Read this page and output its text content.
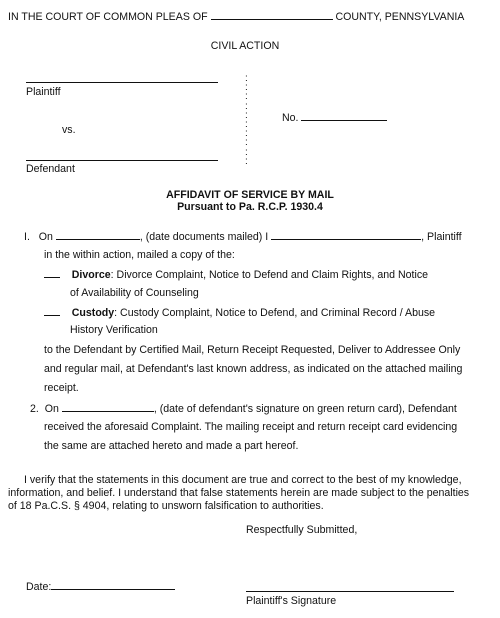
IN THE COURT OF COMMON PLEAS OF	COUNTY, PENNSYLVANIA
CIVIL ACTION
Plaintiff
vs.
Defendant
:
:
:
:
:
:
:
:
:
:
No.
AFFIDAVIT OF SERVICE BY MAIL
Pursuant to Pa. R.C.P. 1930.4
I. On	, (date documents mailed) I	, Plaintiff
in the within action, mailed a copy of the:
Divorce: Divorce Complaint, Notice to Defend and Claim Rights, and Notice
of Availability of Counseling
Custody: Custody Complaint, Notice to Defend, and Criminal Record / Abuse
History Verification
to the Defendant by Certified Mail, Return Receipt Requested, Deliver to Addressee Only
and regular mail, at Defendant's last known address, as indicated on the attached mailing
receipt.
2. On	, (date of defendant's signature on green return card), Defendant
received the aforesaid Complaint. The mailing receipt and return receipt card evidencing
the same are attached hereto and made a part hereof.
I verify that the statements in this document are true and correct to the best of my knowledge,
information, and belief. I understand that false statements herein are made subject to the penalties
of 18 Pa.C.S. § 4904, relating to unsworn falsification to authorities.
Respectfully Submitted,
Date:
Plaintiff's Signature
